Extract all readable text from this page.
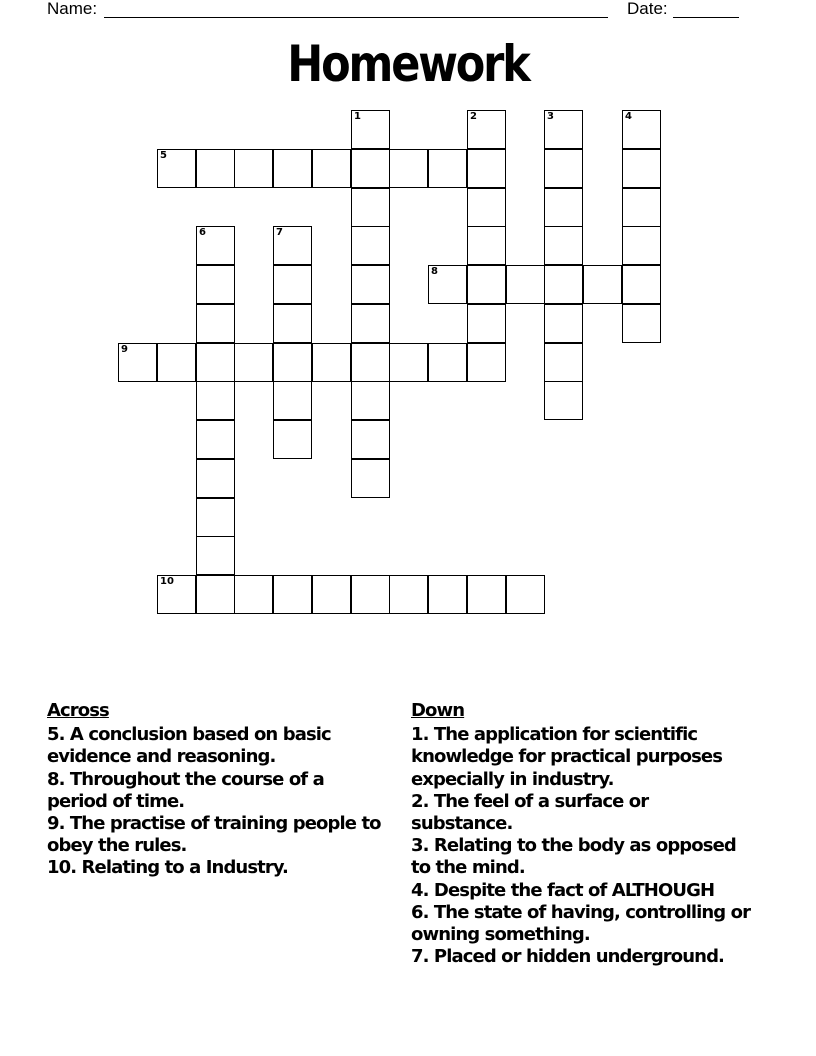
Name:	Date:
Homework
1	2	3	4
5
6	7
8
9
10
Across
5. A conclusion based on basic evidence and reasoning.
8. Throughout the course of a period of time.
9. The practise of training people to obey the rules.
10. Relating to a Industry.
Down
1. The application for scientific knowledge for practical purposes expecially in industry.
2. The feel of a surface or substance.
3. Relating to the body as opposed to the mind.
4. Despite the fact of ALTHOUGH
6. The state of having, controlling or owning something.
7. Placed or hidden underground.
